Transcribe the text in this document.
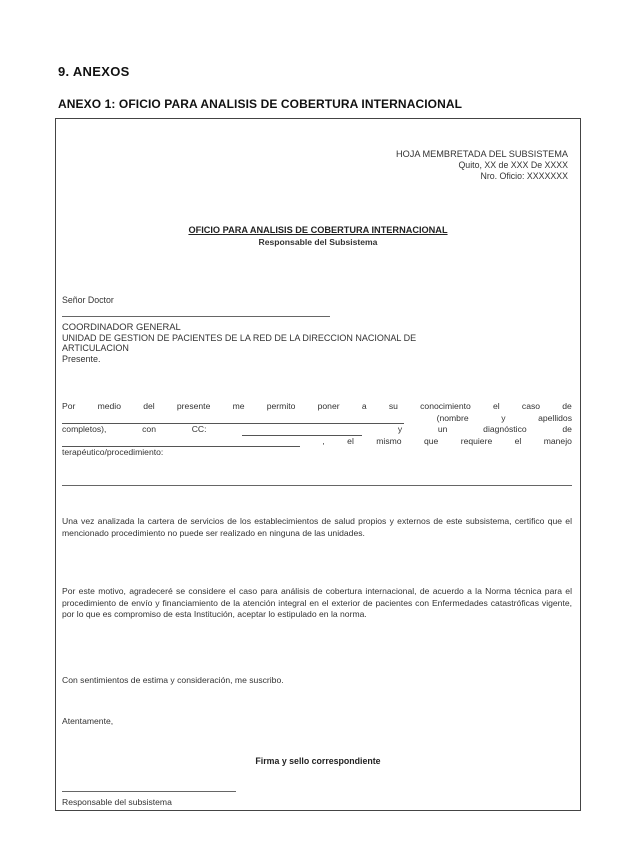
9. ANEXOS
ANEXO 1: OFICIO PARA ANALISIS DE COBERTURA INTERNACIONAL
HOJA MEMBRETADA DEL SUBSISTEMA
Quito, XX de XXX De XXXX
Nro. Oficio: XXXXXXX
OFICIO PARA ANALISIS DE COBERTURA INTERNACIONAL
Responsable del Subsistema
Señor Doctor
COORDINADOR GENERAL
UNIDAD DE GESTION DE PACIENTES DE LA RED DE LA DIRECCION NACIONAL DE
ARTICULACION
Presente.
Por	medio	del	presente	me	permito	poner	a	su	conocimiento	el	caso	de
(nombre	y	apellidos
completos),	con	CC:	y	un	diagnóstico	de
,	el	mismo	que	requiere	el	manejo
terapéutico/procedimiento:
Una vez analizada la cartera de servicios de los establecimientos de salud propios y externos de este subsistema, certifico que el mencionado procedimiento no puede ser realizado en ninguna de las unidades.
Por este motivo, agradeceré se considere el caso para análisis de cobertura internacional, de acuerdo a la Norma técnica para el procedimiento de envío y financiamiento de la atención integral en el exterior de pacientes con Enfermedades catastróficas vigente, por lo que es compromiso de esta Institución, aceptar lo estipulado en la norma.
Con sentimientos de estima y consideración, me suscribo.
Atentamente,
Firma y sello correspondiente
Responsable del subsistema
